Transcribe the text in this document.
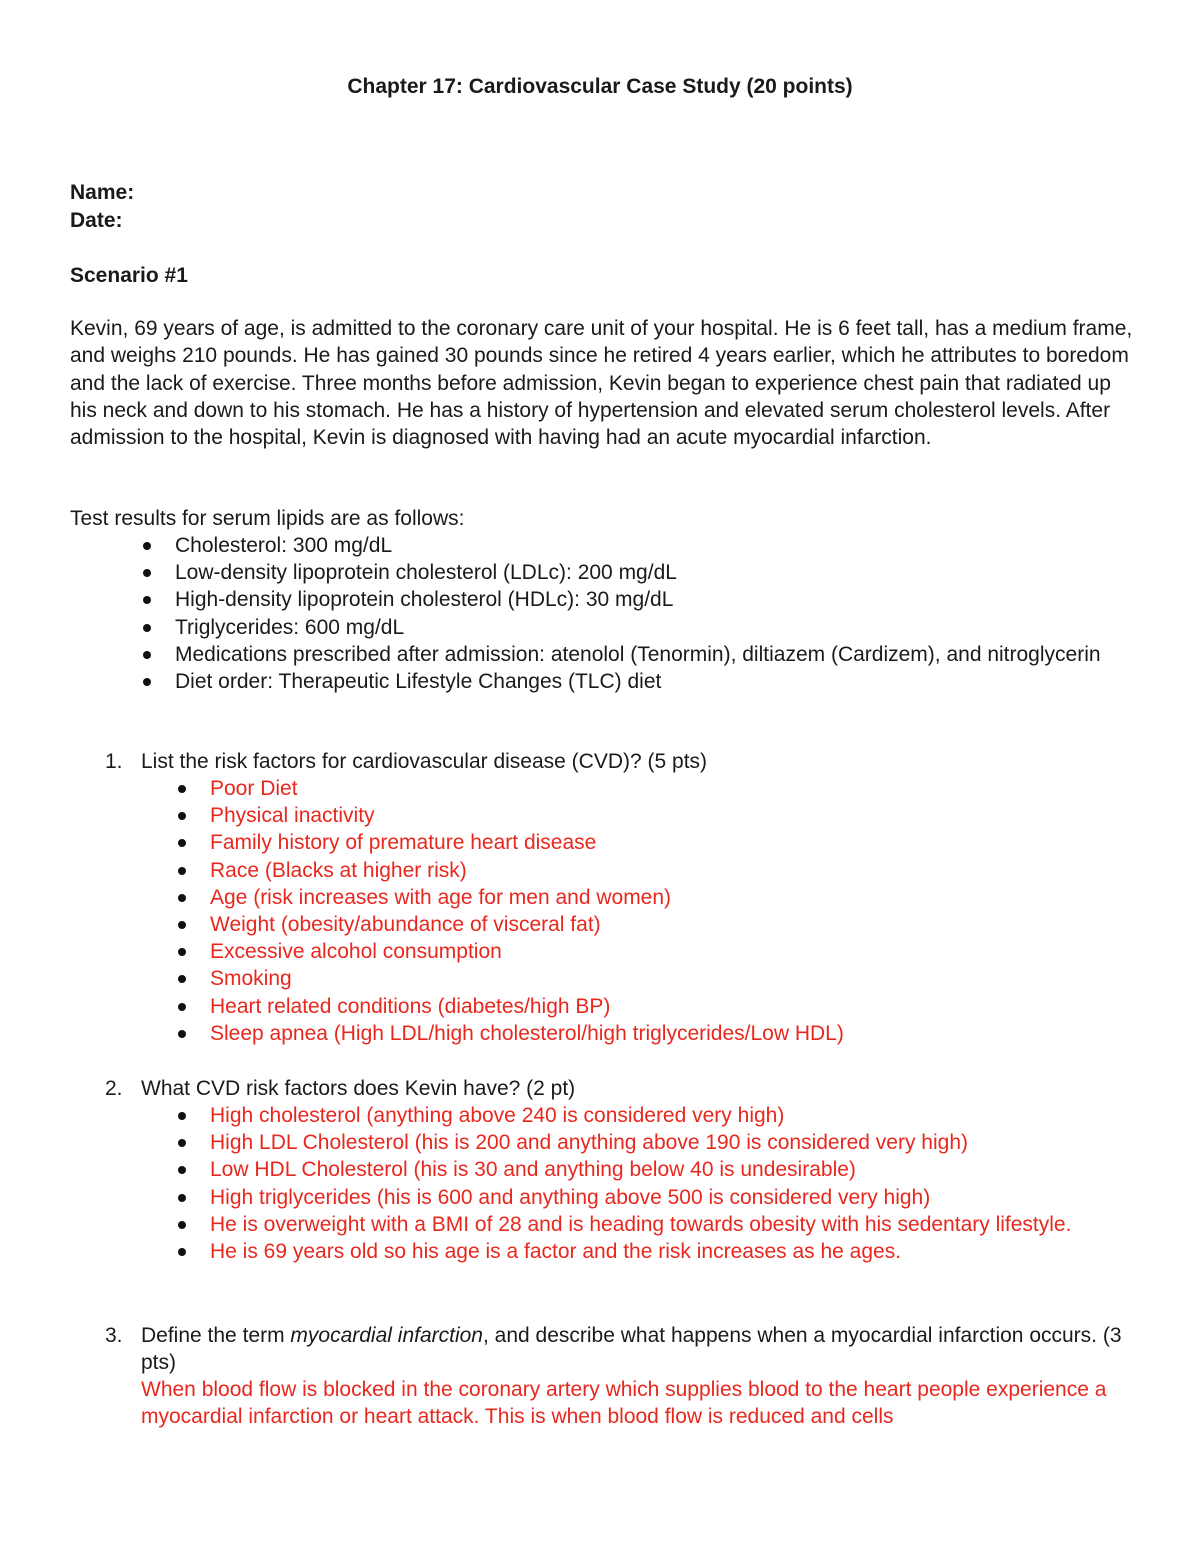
Chapter 17: Cardiovascular Case Study (20 points)
Name:
Date:
Scenario #1

Kevin, 69 years of age, is admitted to the coronary care unit of your hospital. He is 6 feet tall, has a medium frame, and weighs 210 pounds. He has gained 30 pounds since he retired 4 years earlier, which he attributes to boredom and the lack of exercise. Three months before admission, Kevin began to experience chest pain that radiated up his neck and down to his stomach. He has a history of hypertension and elevated serum cholesterol levels. After admission to the hospital, Kevin is diagnosed with having had an acute myocardial infarction.

Test results for serum lipids are as follows:
Cholesterol: 300 mg/dL
Low-density lipoprotein cholesterol (LDLc): 200 mg/dL
High-density lipoprotein cholesterol (HDLc): 30 mg/dL
Triglycerides: 600 mg/dL
Medications prescribed after admission: atenolol (Tenormin), diltiazem (Cardizem), and nitroglycerin
Diet order: Therapeutic Lifestyle Changes (TLC) diet
1. List the risk factors for cardiovascular disease (CVD)? (5 pts)
Poor Diet
Physical inactivity
Family history of premature heart disease
Race (Blacks at higher risk)
Age (risk increases with age for men and women)
Weight (obesity/abundance of visceral fat)
Excessive alcohol consumption
Smoking
Heart related conditions (diabetes/high BP)
Sleep apnea (High LDL/high cholesterol/high triglycerides/Low HDL)
2. What CVD risk factors does Kevin have? (2 pt)
High cholesterol (anything above 240 is considered very high)
High LDL Cholesterol (his is 200 and anything above 190 is considered very high)
Low HDL Cholesterol (his is 30 and anything below 40 is undesirable)
High triglycerides (his is 600 and anything above 500 is considered very high)
He is overweight with a BMI of 28 and is heading towards obesity with his sedentary lifestyle.
He is 69 years old so his age is a factor and the risk increases as he ages.
3. Define the term myocardial infarction, and describe what happens when a myocardial infarction occurs. (3 pts)

When blood flow is blocked in the coronary artery which supplies blood to the heart people experience a myocardial infarction or heart attack. This is when blood flow is reduced and cells
